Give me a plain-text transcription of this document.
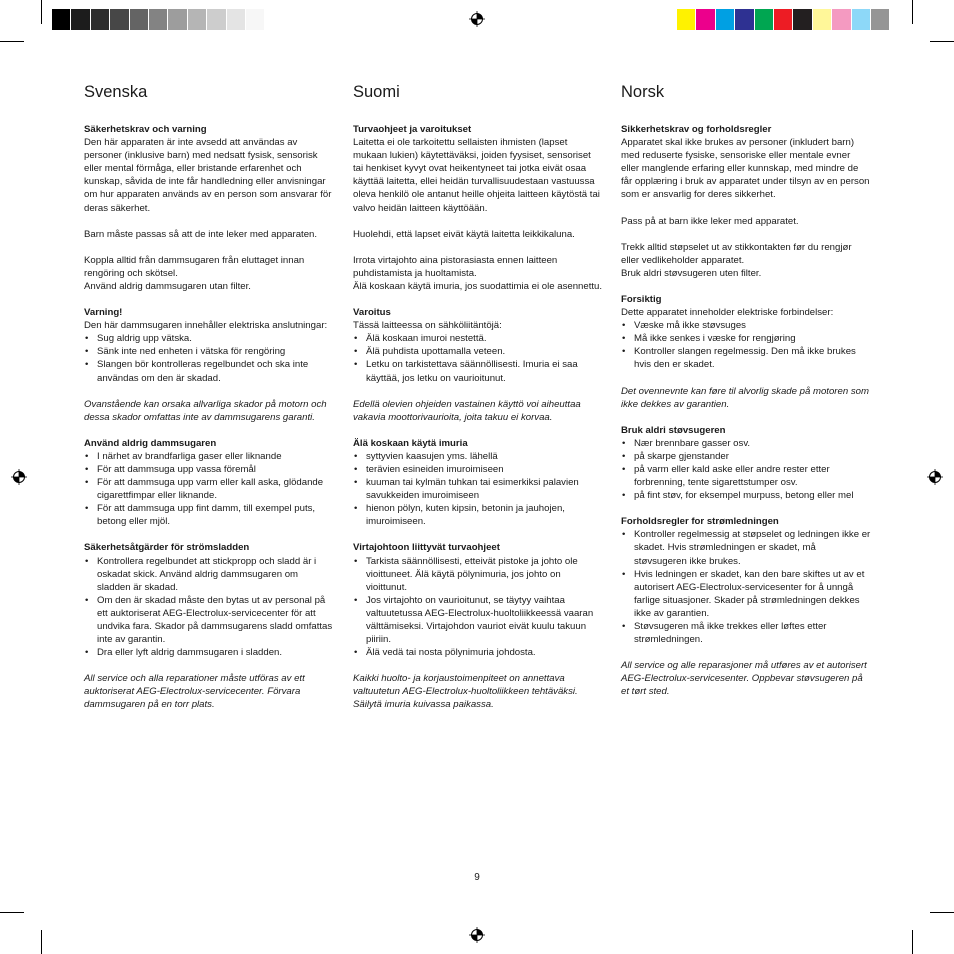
Svenska
Säkerhetskrav och varning

Den här apparaten är inte avsedd att användas av personer (inklusive barn) med nedsatt fysisk, sensorisk eller mental förmåga, eller bristande erfarenhet och kunskap, såvida de inte får handledning eller anvisningar om hur apparaten används av en person som ansvarar för deras säkerhet.

Barn måste passas så att de inte leker med apparaten.

Koppla alltid från dammsugaren från eluttaget innan rengöring och skötsel.

Använd aldrig dammsugaren utan filter.

Varning!

Den här dammsugaren innehåller elektriska anslutningar:

• Sug aldrig upp vätska.
• Sänk inte ned enheten i vätska för rengöring
• Slangen bör kontrolleras regelbundet och ska inte användas om den är skadad.

Ovanstående kan orsaka allvarliga skador på motorn och dessa skador omfattas inte av dammsugarens garanti.

Använd aldrig dammsugaren
• I närhet av brandfarliga gaser eller liknande
• För att dammsuga upp vassa föremål
• För att dammsuga upp varm eller kall aska, glödande cigarettfimpar eller liknande.
• För att dammsuga upp fint damm, till exempel puts, betong eller mjöl.
Säkerhetsåtgärder för strömsladden
• Kontrollera regelbundet att stickpropp och sladd är i oskadat skick. Använd aldrig dammsugaren om sladden är skadad.
• Om den är skadad måste den bytas ut av personal på ett auktoriserat AEG-Electrolux-servicecenter för att undvika fara. Skador på dammsugarens sladd omfattas inte av garantin.
• Dra eller lyft aldrig dammsugaren i sladden.

All service och alla reparationer måste utföras av ett auktoriserat AEG-Electrolux-servicecenter. Förvara dammsugaren på en torr plats.

Suomi
Turvaohjeet ja varoitukset

Laitetta ei ole tarkoitettu sellaisten ihmisten (lapset mukaan lukien) käytettäväksi, joiden fyysiset, sensoriset tai henkiset kyvyt ovat heikentyneet tai jotka eivät osaa käyttää laitetta, ellei heidän turvallisuudestaan vastuussa oleva henkilö ole antanut heille ohjeita laitteen käytöstä tai valvo heidän laitteen käyttöään.

Huolehdi, että lapset eivät käytä laitetta leikkikaluna.

Irrota virtajohto aina pistorasiasta ennen laitteen puhdistamista ja huoltamista.

Älä koskaan käytä imuria, jos suodattimia ei ole asennettu.

Varoitus

Tässä laitteessa on sähköliitäntöjä:

• Älä koskaan imuroi nestettä.
• Älä puhdista upottamalla veteen.
• Letku on tarkistettava säännöllisesti. Imuria ei saa käyttää, jos letku on vaurioitunut.

Edellä olevien ohjeiden vastainen käyttö voi aiheuttaa vakavia moottorivaurioita, joita takuu ei korvaa.

Älä koskaan käytä imuria
• syttyvien kaasujen yms. lähellä
• terävien esineiden imuroimiseen
• kuuman tai kylmän tuhkan tai esimerkiksi palavien savukkeiden imuroimiseen
• hienon pölyn, kuten kipsin, betonin ja jauhojen, imuroimiseen.
Virtajohtoon liittyvät turvaohjeet
• Tarkista säännöllisesti, etteivät pistoke ja johto ole vioittuneet. Älä käytä pölynimuria, jos johto on vioittunut.
• Jos virtajohto on vaurioitunut, se täytyy vaihtaa valtuutetussa AEG-Electrolux-huoltoliikkeessä vaaran välttämiseksi. Virtajohdon vauriot eivät kuulu takuun piiriin.
• Älä vedä tai nosta pölynimuria johdosta.

Kaikki huolto- ja korjaustoimenpiteet on annettava valtuutetun AEG-Electrolux-huoltoliikkeen tehtäväksi. Säilytä imuria kuivassa paikassa.

Norsk
Sikkerhetskrav og forholdsregler

Apparatet skal ikke brukes av personer (inkludert barn) med reduserte fysiske, sensoriske eller mentale evner eller manglende erfaring eller kunnskap, med mindre de får opplæring i bruk av apparatet under tilsyn av en person som er ansvarlig for deres sikkerhet.

Pass på at barn ikke leker med apparatet.

Trekk alltid støpselet ut av stikkontakten før du rengjør eller vedlikeholder apparatet.

Bruk aldri støvsugeren uten filter.

Forsiktig

Dette apparatet inneholder elektriske forbindelser:

• Væske må ikke støvsuges
• Må ikke senkes i væske for rengjøring
• Kontroller slangen regelmessig. Den må ikke brukes hvis den er skadet.

Det ovennevnte kan føre til alvorlig skade på motoren som ikke dekkes av garantien.

Bruk aldri støvsugeren
• Nær brennbare gasser osv.
• på skarpe gjenstander
• på varm eller kald aske eller andre rester etter forbrenning, tente sigarettstumper osv.
• på fint støv, for eksempel murpuss, betong eller mel
Forholdsregler for strømledningen
• Kontroller regelmessig at støpselet og ledningen ikke er skadet. Hvis strømledningen er skadet, må støvsugeren ikke brukes.
• Hvis ledningen er skadet, kan den bare skiftes ut av et autorisert AEG-Electrolux-servicesenter for å unngå farlige situasjoner. Skader på strømledningen dekkes ikke av garantien.
• Støvsugeren må ikke trekkes eller løftes etter strømledningen.

All service og alle reparasjoner må utføres av et autorisert AEG-Electrolux-servicesenter. Oppbevar støvsugeren på et tørt sted.

9
